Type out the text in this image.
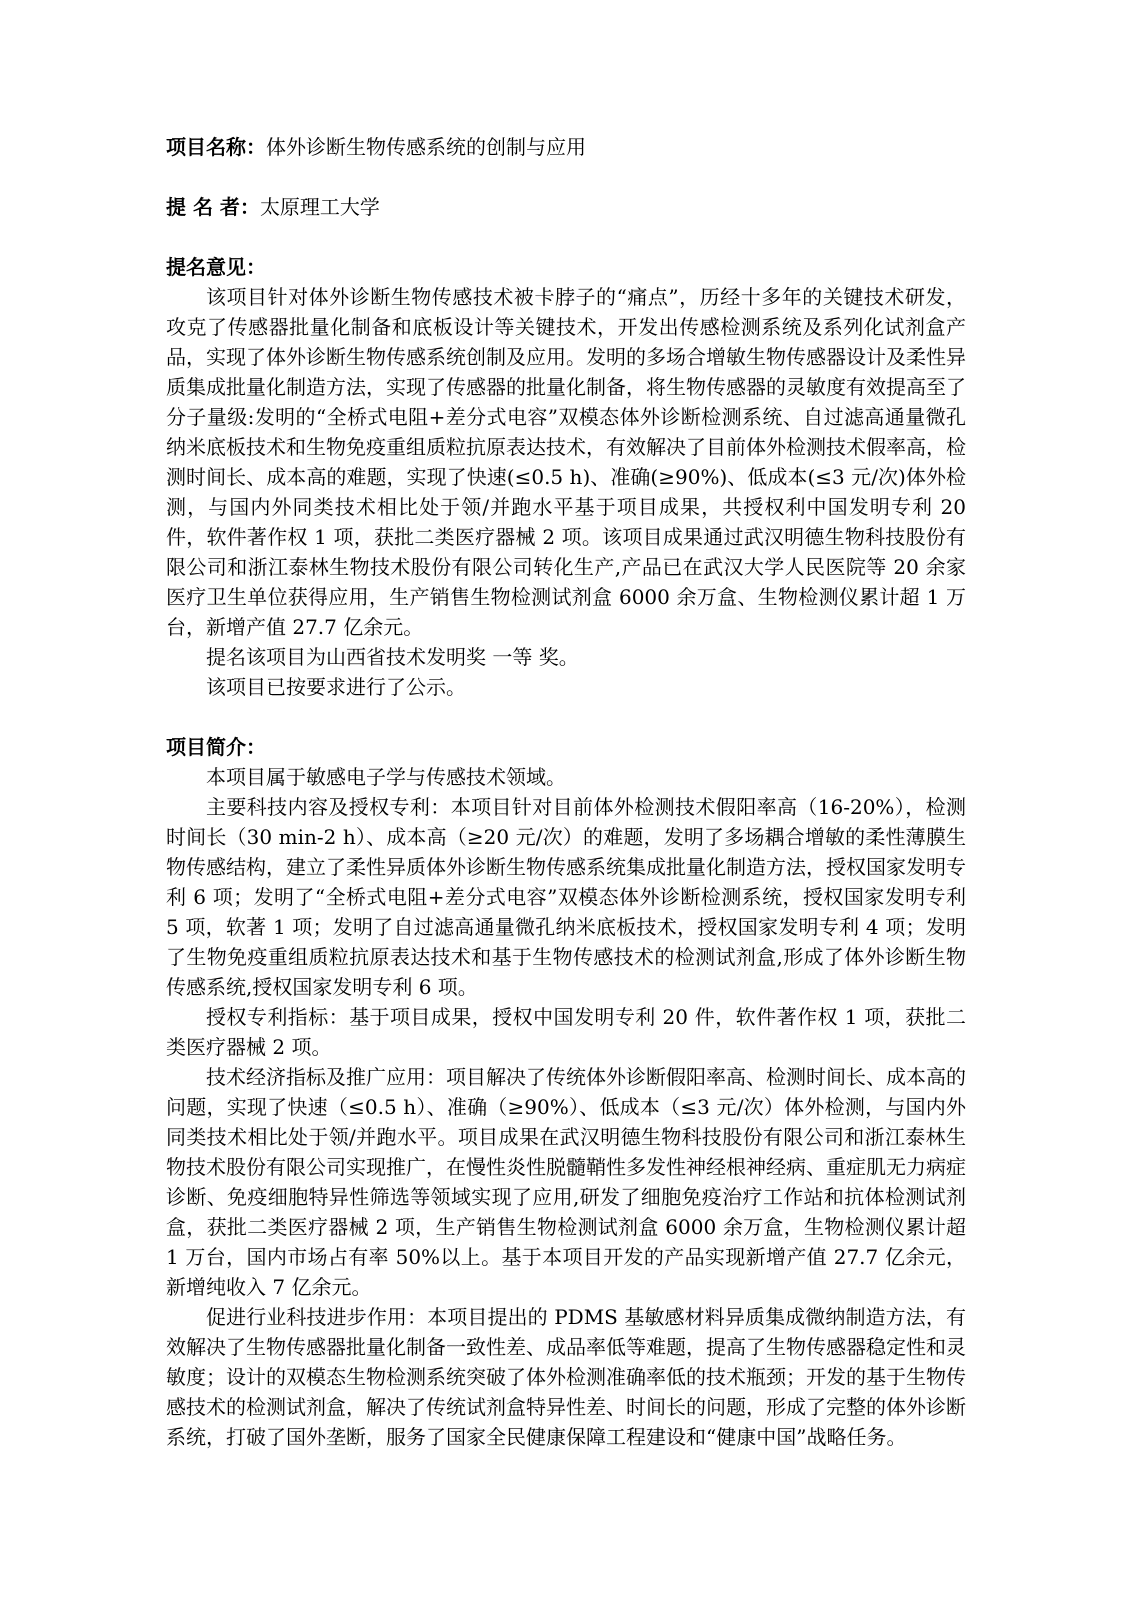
项目名称：体外诊断生物传感系统的创制与应用

提 名 者：太原理工大学

提名意见：

该项目针对体外诊断生物传感技术被卡脖子的“痛点”，历经十多年的关键技术研发，攻克了传感器批量化制备和底板设计等关键技术，开发出传感检测系统及系列化试剂盒产品，实现了体外诊断生物传感系统创制及应用。发明的多场合增敏生物传感器设计及柔性异质集成批量化制造方法，实现了传感器的批量化制备，将生物传感器的灵敏度有效提高至了分子量级:发明的“全桥式电阻+差分式电容”双模态体外诊断检测系统、自过滤高通量微孔纳米底板技术和生物免疫重组质粒抗原表达技术，有效解决了目前体外检测技术假率高，检测时间长、成本高的难题，实现了快速(≤0.5 h)、准确(≥90%)、低成本(≤3 元/次)体外检测，与国内外同类技术相比处于领/并跑水平基于项目成果，共授权利中国发明专利 20 件，软件著作权 1 项，获批二类医疗器械 2 项。该项目成果通过武汉明德生物科技股份有限公司和浙江泰林生物技术股份有限公司转化生产,产品已在武汉大学人民医院等 20 余家医疗卫生单位获得应用，生产销售生物检测试剂盒 6000 余万盒、生物检测仪累计超 1 万台，新增产值 27.7 亿余元。

提名该项目为山西省技术发明奖 一等 奖。

该项目已按要求进行了公示。

项目简介：

本项目属于敏感电子学与传感技术领域。

主要科技内容及授权专利：本项目针对目前体外检测技术假阳率高（16-20%），检测时间长（30 min-2 h）、成本高（≥20 元/次）的难题，发明了多场耦合增敏的柔性薄膜生物传感结构，建立了柔性异质体外诊断生物传感系统集成批量化制造方法，授权国家发明专利 6 项；发明了“全桥式电阻+差分式电容”双模态体外诊断检测系统，授权国家发明专利 5 项，软著 1 项；发明了自过滤高通量微孔纳米底板技术，授权国家发明专利 4 项；发明了生物免疫重组质粒抗原表达技术和基于生物传感技术的检测试剂盒,形成了体外诊断生物传感系统,授权国家发明专利 6 项。

授权专利指标：基于项目成果，授权中国发明专利 20 件，软件著作权 1 项，获批二类医疗器械 2 项。

技术经济指标及推广应用：项目解决了传统体外诊断假阳率高、检测时间长、成本高的问题，实现了快速（≤0.5 h）、准确（≥90%）、低成本（≤3 元/次）体外检测，与国内外同类技术相比处于领/并跑水平。项目成果在武汉明德生物科技股份有限公司和浙江泰林生物技术股份有限公司实现推广，在慢性炎性脱髓鞘性多发性神经根神经病、重症肌无力病症诊断、免疫细胞特异性筛选等领域实现了应用,研发了细胞免疫治疗工作站和抗体检测试剂盒，获批二类医疗器械 2 项，生产销售生物检测试剂盒 6000 余万盒，生物检测仪累计超 1 万台，国内市场占有率 50%以上。基于本项目开发的产品实现新增产值 27.7 亿余元，新增纯收入 7 亿余元。

促进行业科技进步作用：本项目提出的 PDMS 基敏感材料异质集成微纳制造方法，有效解决了生物传感器批量化制备一致性差、成品率低等难题，提高了生物传感器稳定性和灵敏度；设计的双模态生物检测系统突破了体外检测准确率低的技术瓶颈；开发的基于生物传感技术的检测试剂盒，解决了传统试剂盒特异性差、时间长的问题，形成了完整的体外诊断系统，打破了国外垄断，服务了国家全民健康保障工程建设和“健康中国”战略任务。
